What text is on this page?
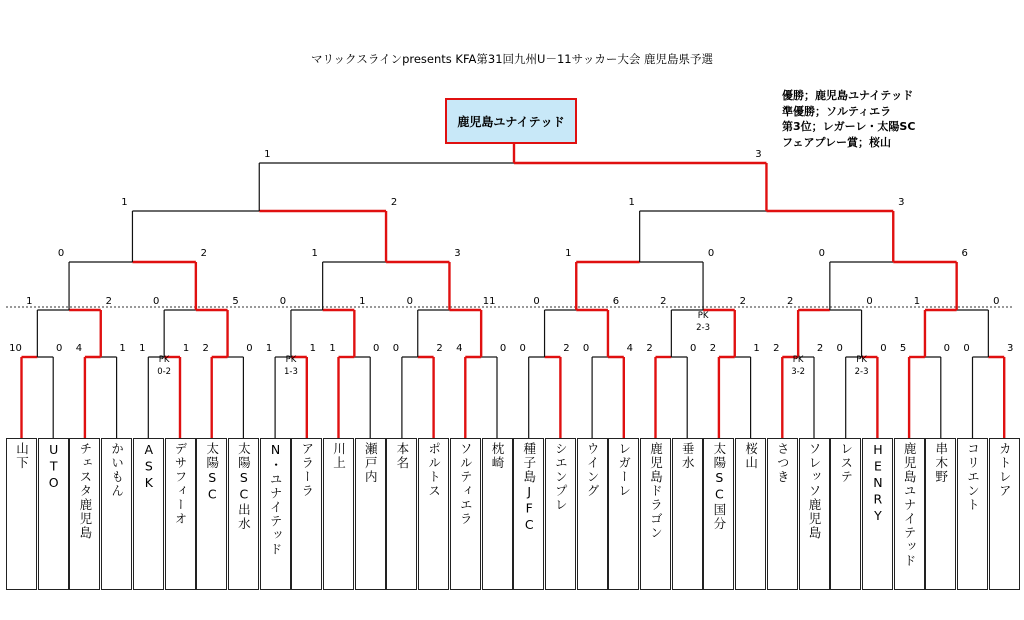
マリックスラインpresents KFA第31回九州U－11サッカー大会 鹿児島県予選
優勝；鹿児島ユナイテッド
準優勝；ソルティエラ
第3位；レガーレ・太陽SC
フェアプレー賞；桜山
10	0 4	1 1	1 2	0 1	1 1	0 0	2 4	0 0	2 0	4 2	0 2	1 2	2 0	0 5	0 0	3
1	2	0	5	0	1	0	11	0	6	2	2	2	0	1	0
0	2	1	3	1	0	0	6
1	2	1	3
1	3
PK
0-2
PK
1-3
PK
3-2
PK
2-3
PK
2-3
鹿児島ユナイテッド
山下 UTO チェスタ鹿児島 かいもん ASK デサフィーオ 太陽SC 太陽SC出水 N・ユナイテッド アラーラ 川上 瀬戸内 本名 ポルトス ソルティエラ 枕崎 種子島JFC シエンプレ ウイング レガーレ 鹿児島ドラゴン 垂水 太陽SC国分 桜山 さつき ソレッソ鹿児島 レステ HENRY 鹿児島ユナイテッド 串木野 コリエント カトレア
